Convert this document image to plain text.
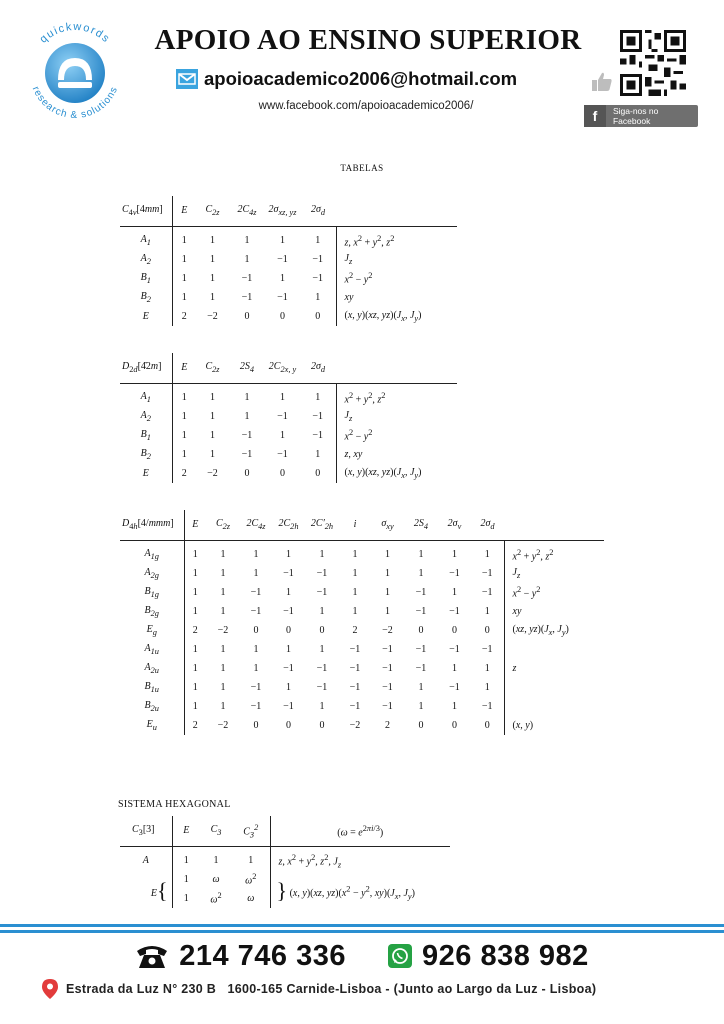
quickwords
research & solutions
APOIO AO ENSINO SUPERIOR
apoioacademico2006@hotmail.com
www.facebook.com/apoioacademico2006/
f	Siga-nos no Facebook
TABELAS
$C_{4v}[4mm]$	E	$C_{2z}$	$2C_{4z}$	$2\sigma_{xz, yz}$	$2\sigma_d$	
$A_1$	1	1	1	1	1	z, $x^2 + y^2$, $z^2$
$A_2$	1	1	1	−1	−1	$J_z$
$B_1$	1	1	−1	1	−1	$x^2 - y^2$
$B_2$	1	1	−1	−1	1	xy
E	2	−2	0	0	0	(x, y)(xz, $yz)(J_x$, $J_y$)
$D_{2d}[4̄2m]$	E	$C_{2z}$	$2S_4$	$2C_{2x, y}$	$2\sigma_d$	
$A_1$	1	1	1	1	1	$x^2 + y^2$, $z^2$
$A_2$	1	1	1	−1	−1	$J_z$
$B_1$	1	1	−1	1	−1	$x^2 - y^2$
$B_2$	1	1	−1	−1	1	z, xy
E	2	−2	0	0	0	(x, y)(xz, $yz)(J_x$, $J_y$)
$D_{4h}[4/mmm]$	E	$C_{2z}$	$2C_{4z}$	$2C_{2h}$	$2C'_{2h}$	i	$\sigma_{xy}$	$2S_4$	$2\sigma_v$	$2\sigma_d$	
$A_{1g}$	1	1	1	1	1	1	1	1	1	1	$x^2 + y^2$, $z^2$
$A_{2g}$	1	1	1	−1	−1	1	1	1	−1	−1	$J_z$
$B_{1g}$	1	1	−1	1	−1	1	1	−1	1	−1	$x^2 - y^2$
$B_{2g}$	1	1	−1	−1	1	1	1	−1	−1	1	xy
$E_g$	2	−2	0	0	0	2	−2	0	0	0	(xz, $yz)(J_x$, $J_y$)
$A_{1u}$	1	1	1	1	1	−1	−1	−1	−1	−1	
$A_{2u}$	1	1	1	−1	−1	−1	−1	−1	1	1	z
$B_{1u}$	1	1	−1	1	−1	−1	−1	1	−1	1	
$B_{2u}$	1	1	−1	−1	1	−1	−1	1	1	−1	
$E_u$	2	−2	0	0	0	−2	2	0	0	0	(x, y)
SISTEMA HEXAGONAL
$C_3[3]$	E	$C_3$	$C_3^2$	$(\omega = e^{2\pi i/3})$
A	1	1	1	z, $x^2 + y^2$, $z^2$, $J_z$
E{	1	ω	$\omega^2$	} (x, y)(xz, $yz)(x^2 - y^2$, $xy)(J_x$, $J_y$)
	1	$\omega^2$	ω	
214 746 336	926 838 982
Estrada da Luz N° 230 B   1600-165 Carnide-Lisboa - (Junto ao Largo da Luz - Lisboa)
